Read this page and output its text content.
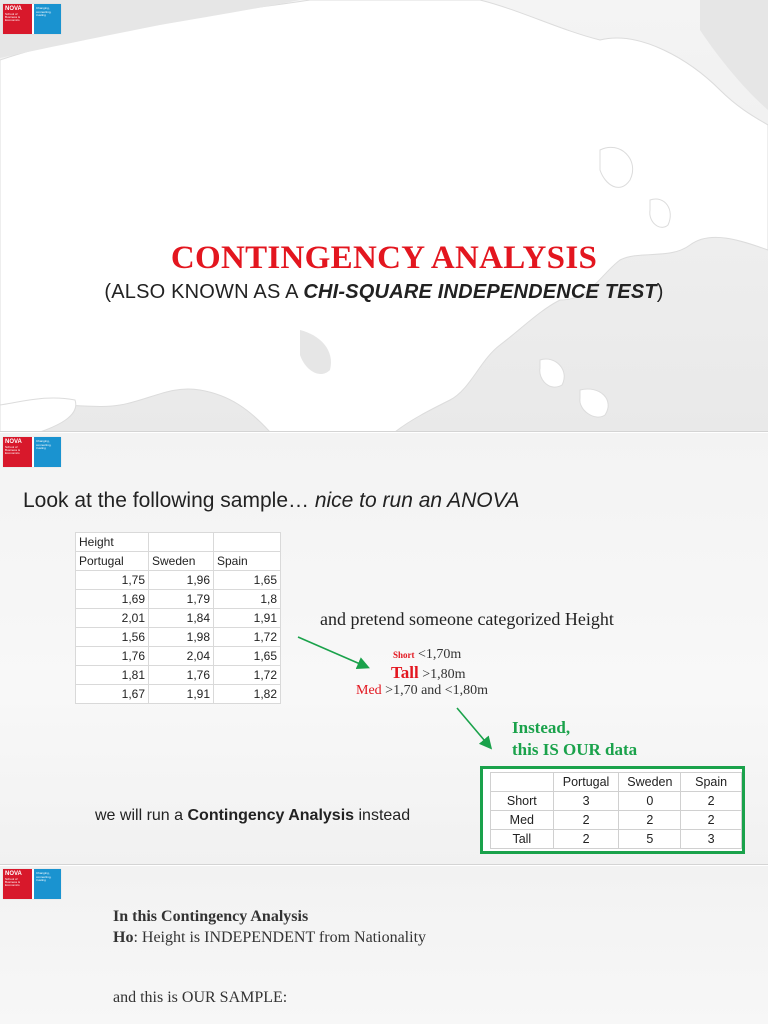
NOVA
School of Business & Economics
Changing, connecting, trusting
CONTINGENCY ANALYSIS
(ALSO KNOWN AS A CHI-SQUARE INDEPENDENCE TEST)
NOVA
School of Business & Economics
Changing, connecting, trusting
Look at the following sample… nice to run an ANOVA
Height		
Portugal	Sweden	Spain
1,75	1,96	1,65
1,69	1,79	1,8
2,01	1,84	1,91
1,56	1,98	1,72
1,76	2,04	1,65
1,81	1,76	1,72
1,67	1,91	1,82
and pretend someone categorized Height
Short <1,70m
Tall >1,80m
Med >1,70 and <1,80m
Instead,
this IS OUR data
we will run a Contingency Analysis instead
	Portugal	Sweden	Spain
Short	3	0	2
Med	2	2	2
Tall	2	5	3
NOVA
School of Business & Economics
Changing, connecting, trusting
In this Contingency Analysis
Ho: Height is INDEPENDENT from Nationality
and this is OUR SAMPLE:
